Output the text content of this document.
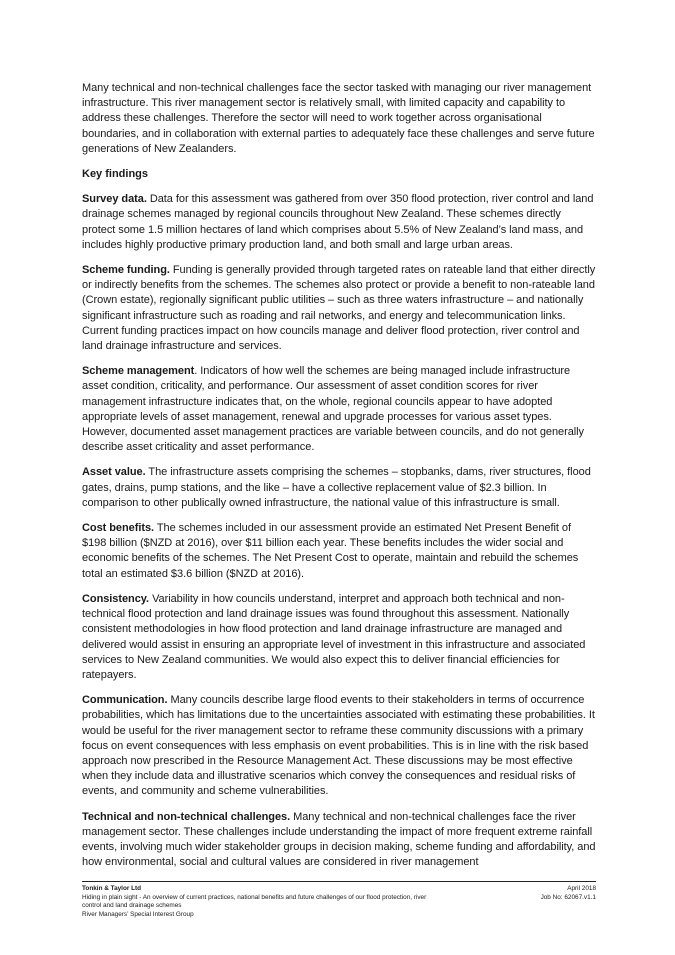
Many technical and non-technical challenges face the sector tasked with managing our river management infrastructure. This river management sector is relatively small, with limited capacity and capability to address these challenges. Therefore the sector will need to work together across organisational boundaries, and in collaboration with external parties to adequately face these challenges and serve future generations of New Zealanders.

Key findings

Survey data. Data for this assessment was gathered from over 350 flood protection, river control and land drainage schemes managed by regional councils throughout New Zealand. These schemes directly protect some 1.5 million hectares of land which comprises about 5.5% of New Zealand’s land mass, and includes highly productive primary production land, and both small and large urban areas.

Scheme funding. Funding is generally provided through targeted rates on rateable land that either directly or indirectly benefits from the schemes. The schemes also protect or provide a benefit to non-rateable land (Crown estate), regionally significant public utilities – such as three waters infrastructure – and nationally significant infrastructure such as roading and rail networks, and energy and telecommunication links. Current funding practices impact on how councils manage and deliver flood protection, river control and land drainage infrastructure and services.

Scheme management. Indicators of how well the schemes are being managed include infrastructure asset condition, criticality, and performance. Our assessment of asset condition scores for river management infrastructure indicates that, on the whole, regional councils appear to have adopted appropriate levels of asset management, renewal and upgrade processes for various asset types. However, documented asset management practices are variable between councils, and do not generally describe asset criticality and asset performance.

Asset value. The infrastructure assets comprising the schemes – stopbanks, dams, river structures, flood gates, drains, pump stations, and the like – have a collective replacement value of $2.3 billion. In comparison to other publically owned infrastructure, the national value of this infrastructure is small.

Cost benefits. The schemes included in our assessment provide an estimated Net Present Benefit of $198 billion ($NZD at 2016), over $11 billion each year. These benefits includes the wider social and economic benefits of the schemes. The Net Present Cost to operate, maintain and rebuild the schemes total an estimated $3.6 billion ($NZD at 2016).

Consistency. Variability in how councils understand, interpret and approach both technical and non-technical flood protection and land drainage issues was found throughout this assessment. Nationally consistent methodologies in how flood protection and land drainage infrastructure are managed and delivered would assist in ensuring an appropriate level of investment in this infrastructure and associated services to New Zealand communities. We would also expect this to deliver financial efficiencies for ratepayers.

Communication. Many councils describe large flood events to their stakeholders in terms of occurrence probabilities, which has limitations due to the uncertainties associated with estimating these probabilities. It would be useful for the river management sector to reframe these community discussions with a primary focus on event consequences with less emphasis on event probabilities. This is in line with the risk based approach now prescribed in the Resource Management Act. These discussions may be most effective when they include data and illustrative scenarios which convey the consequences and residual risks of events, and community and scheme vulnerabilities.

Technical and non-technical challenges. Many technical and non-technical challenges face the river management sector. These challenges include understanding the impact of more frequent extreme rainfall events, involving much wider stakeholder groups in decision making, scheme funding and affordability, and how environmental, social and cultural values are considered in river management

Tonkin & Taylor Ltd
Hiding in plain sight - An overview of current practices, national benefits and future challenges of our flood protection, river control and land drainage schemes
River Managers’ Special Interest Group
April 2018
Job No: 62067.v1.1
